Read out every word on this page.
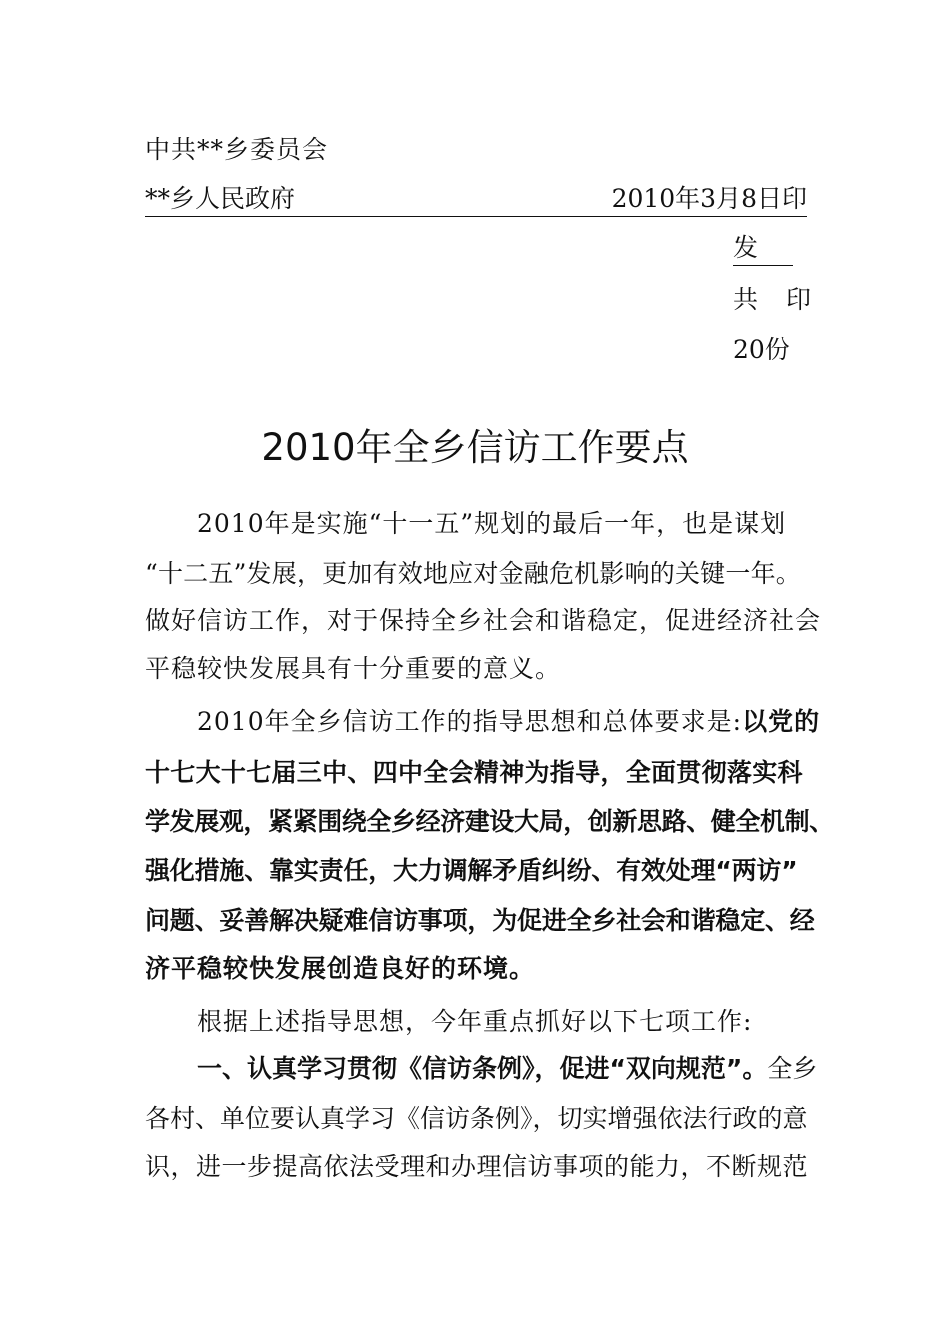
中共**乡委员会
**乡人民政府	2010年3月8日印
发
共印
20份
2010年全乡信访工作要点
2010年是实施“十一五”规划的最后一年，也是谋划
“十二五”发展，更加有效地应对金融危机影响的关键一年。
做好信访工作，对于保持全乡社会和谐稳定，促进经济社会
平稳较快发展具有十分重要的意义。
2010年全乡信访工作的指导思想和总体要求是:以党的
十七大十七届三中、四中全会精神为指导，全面贯彻落实科
学发展观，紧紧围绕全乡经济建设大局，创新思路、健全机制、
强化措施、靠实责任，大力调解矛盾纠纷、有效处理“两访”
问题、妥善解决疑难信访事项，为促进全乡社会和谐稳定、经
济平稳较快发展创造良好的环境。
根据上述指导思想，今年重点抓好以下七项工作:
一、认真学习贯彻《信访条例》，促进“双向规范”。全乡
各村、单位要认真学习《信访条例》，切实增强依法行政的意
识，进一步提高依法受理和办理信访事项的能力，不断规范
